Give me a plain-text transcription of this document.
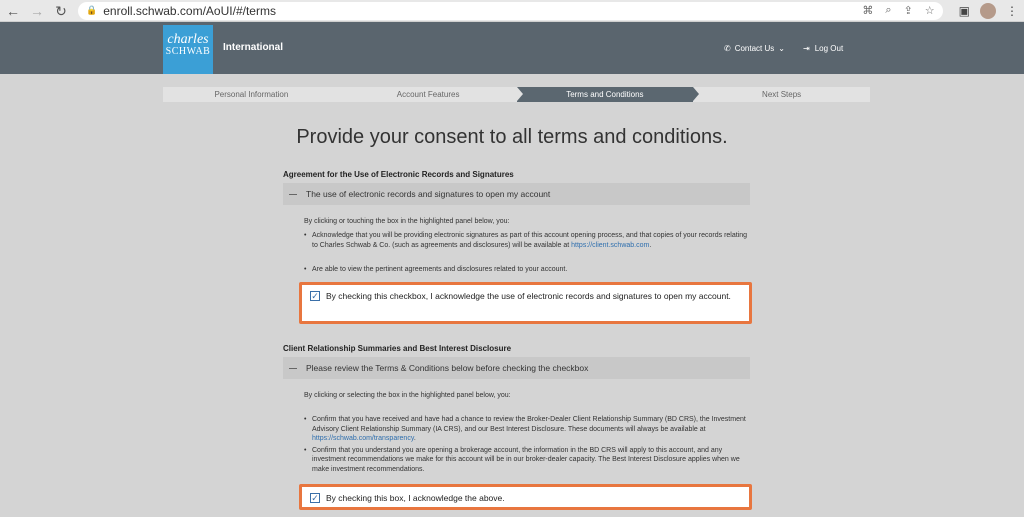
← → ↻ 🔒 enroll.schwab.com/AoUI/#/terms	⌘ ⌕ ⇪ ☆ ▣	⋮
charles
SCHWAB International	✆ Contact Us ⌄ ⇥ Log Out
Personal Information	Account Features	Terms and Conditions	Next Steps
Provide your consent to all terms and conditions.
Agreement for the Use of Electronic Records and Signatures
The use of electronic records and signatures to open my account
By clicking or touching the box in the highlighted panel below, you:
• Acknowledge that you will be providing electronic signatures as part of this account opening process, and that copies of your records relating to Charles Schwab & Co. (such as agreements and disclosures) will be available at https://client.schwab.com.
• Are able to view the pertinent agreements and disclosures related to your account.
✓ By checking this checkbox, I acknowledge the use of electronic records and signatures to open my account.
Client Relationship Summaries and Best Interest Disclosure
Please review the Terms & Conditions below before checking the checkbox
By clicking or selecting the box in the highlighted panel below, you:
• Confirm that you have received and have had a chance to review the Broker-Dealer Client Relationship Summary (BD CRS), the Investment Advisory Client Relationship Summary (IA CRS), and our Best Interest Disclosure. These documents will always be available at https://schwab.com/transparency.
• Confirm that you understand you are opening a brokerage account, the information in the BD CRS will apply to this account, and any investment recommendations we make for this account will be in our broker-dealer capacity. The Best Interest Disclosure applies when we make investment recommendations.
✓ By checking this box, I acknowledge the above.
